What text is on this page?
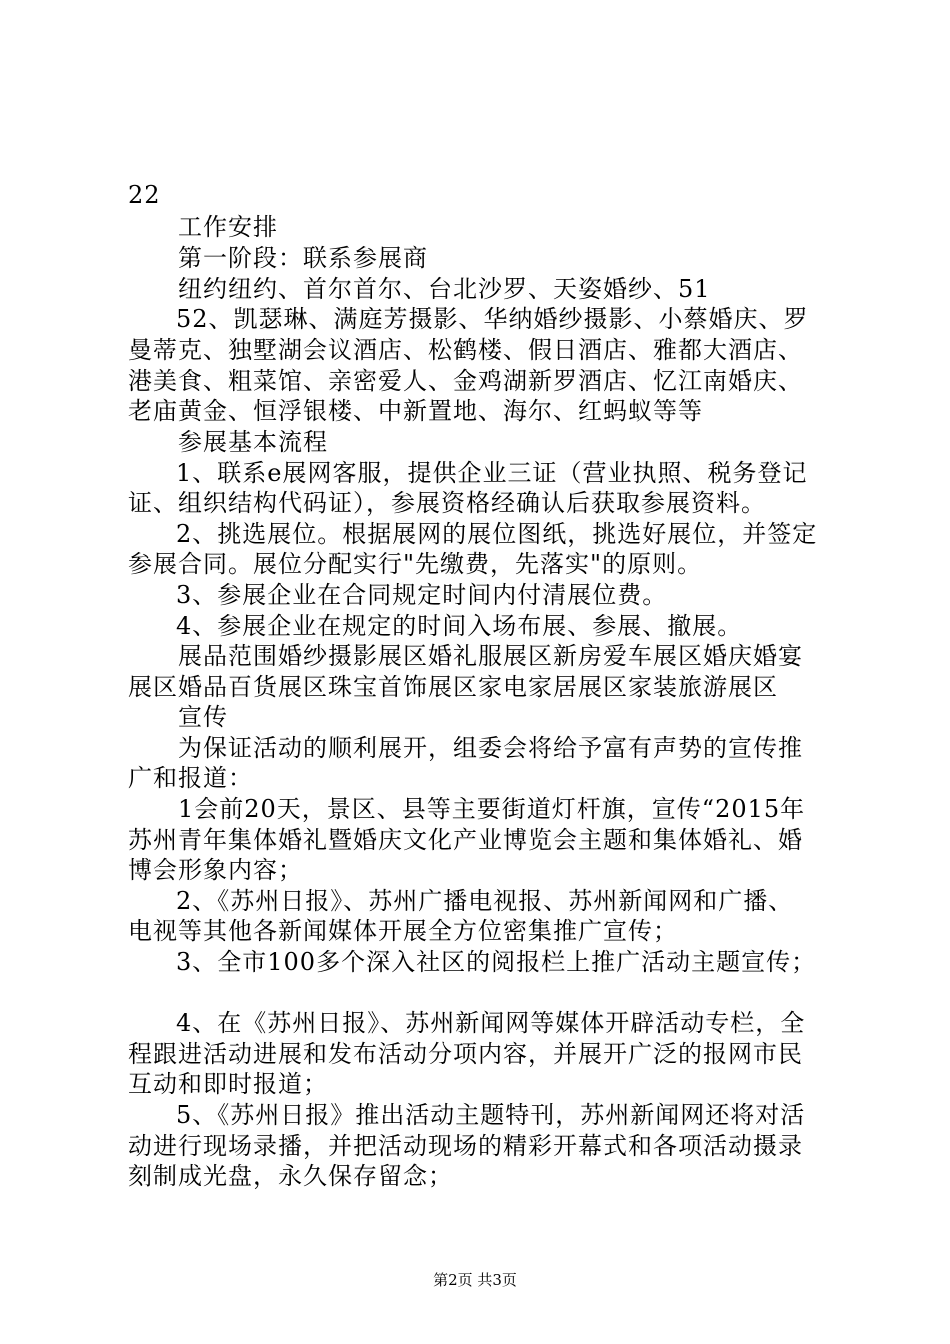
22
工作安排
第一阶段：联系参展商
纽约纽约、首尔首尔、台北沙罗、天姿婚纱、51
52、凯瑟琳、满庭芳摄影、华纳婚纱摄影、小蔡婚庆、罗
曼蒂克、独墅湖会议酒店、松鹤楼、假日酒店、雅都大酒店、
港美食、粗菜馆、亲密爱人、金鸡湖新罗酒店、忆江南婚庆、
老庙黄金、恒浮银楼、中新置地、海尔、红蚂蚁等等
参展基本流程
1、联系e展网客服，提供企业三证（营业执照、税务登记
证、组织结构代码证），参展资格经确认后获取参展资料。
2、挑选展位。根据展网的展位图纸，挑选好展位，并签定
参展合同。展位分配实行"先缴费，先落实"的原则。
3、参展企业在合同规定时间内付清展位费。
4、参展企业在规定的时间入场布展、参展、撤展。
展品范围婚纱摄影展区婚礼服展区新房爱车展区婚庆婚宴
展区婚品百货展区珠宝首饰展区家电家居展区家装旅游展区
宣传
为保证活动的顺利展开，组委会将给予富有声势的宣传推
广和报道：
1会前20天，景区、县等主要街道灯杆旗，宣传“2015年
苏州青年集体婚礼暨婚庆文化产业博览会主题和集体婚礼、婚
博会形象内容；
2、《苏州日报》、苏州广播电视报、苏州新闻网和广播、
电视等其他各新闻媒体开展全方位密集推广宣传；
3、全市100多个深入社区的阅报栏上推广活动主题宣传；
4、在《苏州日报》、苏州新闻网等媒体开辟活动专栏，全
程跟进活动进展和发布活动分项内容，并展开广泛的报网市民
互动和即时报道；
5、《苏州日报》推出活动主题特刊，苏州新闻网还将对活
动进行现场录播，并把活动现场的精彩开幕式和各项活动摄录
刻制成光盘，永久保存留念；
第2页 共3页
